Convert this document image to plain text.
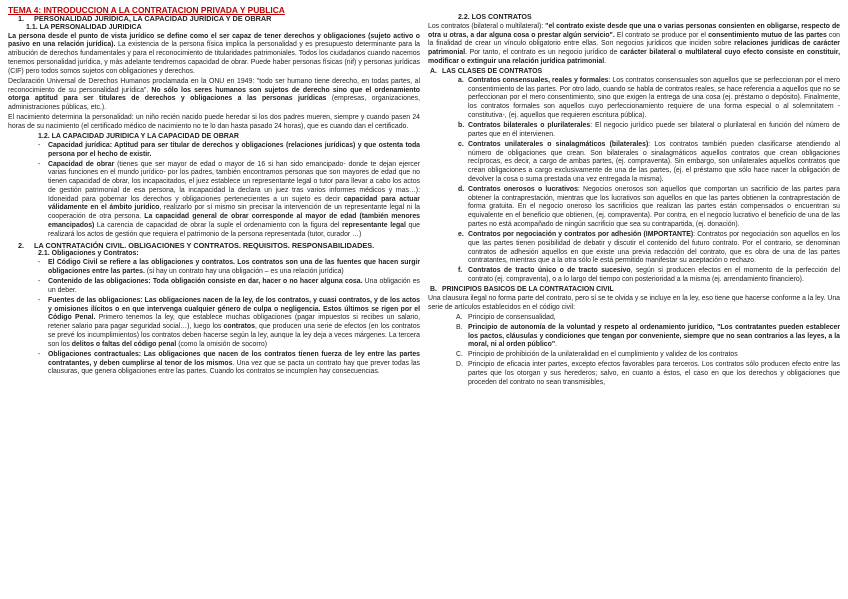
TEMA 4: INTRODUCCION A LA CONTRATACION PRIVADA Y PUBLICA
1. PERSONALIDAD JURÍDICA, LA CAPACIDAD JURÍDICA Y DE OBRAR
1.1. LA PERSONALIDAD JURIDICA

La persona desde el punto de vista jurídico se define como el ser capaz de tener derechos y obligaciones (sujeto activo o pasivo en una relación jurídica). La existencia de la persona física implica la personalidad y es presupuesto determinante para la atribución de derechos fundamentales y para el reconocimiento de titularidades patrimoniales. Todos los ciudadanos cuando nacemos tenemos personalidad jurídica, y más adelante tendremos capacidad de obrar. Puede haber personas físicas (nif) y personas jurídicas (CIF) pero todos somos sujetos con obligaciones y derechos.

Declaración Universal de Derechos Humanos proclamada en la ONU en 1949: "todo ser humano tiene derecho, en todas partes, al reconocimiento de su personalidad jurídica". No sólo los seres humanos son sujetos de derecho sino que el ordenamiento otorga aptitud para ser titulares de derechos y obligaciones a las personas jurídicas (empresas, organizaciones, administraciones públicas, etc.).

El nacimiento determina la personalidad: un niño recién nacido puede heredar si los dos padres mueren, siempre y cuando pasen 24 horas de su nacimiento (el certificado médico de nacimiento no te lo dan hasta pasado 24 horas), que es cuando dan el certificado.

1.2. LA CAPACIDAD JURIDICA Y LA CAPACIDAD DE OBRAR
- Capacidad jurídica: Aptitud para ser titular de derechos y obligaciones (relaciones jurídicas) y que ostenta toda persona por el hecho de existir.
- Capacidad de obrar (tienes que ser mayor de edad o mayor de 16 si han sido emancipado- donde te dejan ejercer varias funciones en el mundo jurídico- por los padres, también encontramos personas que son mayores de edad que no tienen capacidad de obrar, los incapacitados, el juez establece un representante legal o tutor para llevar a cabo los actos de gestión patrimonial de esa persona, la incapacidad la declara un juez tras varios informes médicos y mas…): Idoneidad para gobernar los derechos y obligaciones pertenecientes a un sujeto es decir capacidad para actuar válidamente en el ámbito jurídico, realizarlo por sí mismo sin precisar la intervención de un representante legal ni la cooperación de otra persona. La capacidad general de obrar corresponde al mayor de edad (también menores emancipados) La carencia de capacidad de obrar la suple el ordenamiento con la figura del representante legal que realizará los actos de gestión que requiera el patrimonio de la persona representada (tutor, curador …)
2. LA CONTRATACIÓN CIVIL. OBLIGACIONES Y CONTRATOS. REQUISITOS. RESPONSABILIDADES.
2.1. Obligaciones y Contratos:
- El Código Civil se refiere a las obligaciones y contratos. Los contratos son una de las fuentes que hacen surgir obligaciones entre las partes. (si hay un contrato hay una obligación – es una relación jurídica)
- Contenido de las obligaciones: Toda obligación consiste en dar, hacer o no hacer alguna cosa. Una obligación es un deber.
- Fuentes de las obligaciones: Las obligaciones nacen de la ley, de los contratos, y cuasi contratos, y de los actos y omisiones ilícitos o en que intervenga cualquier género de culpa o negligencia. Estos últimos se rigen por el Código Penal. Primero tenemos la ley, que establece muchas obligaciones (pagar impuestos si recibes un salario, retener salario para pagar seguridad social…), luego los contratos, que producen una serie de efectos (en los contratos se prevé los incumplimientos) los contratos deben hacerse según la ley, aunque la ley deja a veces márgenes. La tercera son los delitos o faltas del código penal (como la omisión de socorro)
- Obligaciones contractuales: Las obligaciones que nacen de los contratos tienen fuerza de ley entre las partes contratantes, y deben cumplirse al tenor de los mismos. Una vez que se pacta un contrato hay que prever todas las clausuras, que genera obligaciones entre las partes. Cuando los contratos se incumplen hay consecuencias.
2.2. LOS CONTRATOS

Los contratos (bilateral o multilateral): "el contrato existe desde que una o varias personas consienten en obligarse, respecto de otra u otras, a dar alguna cosa o prestar algún servicio". El contrato se produce por el consentimiento mutuo de las partes con la finalidad de crear un vínculo obligatorio entre ellas. Son negocios jurídicos que inciden sobre relaciones jurídicas de carácter patrimonial. Por tanto, el contrato es un negocio jurídico de carácter bilateral o multilateral cuyo efecto consiste en constituir, modificar o extinguir una relación jurídica patrimonial.

A. LAS CLASES DE CONTRATOS
a. Contratos consensuales, reales y formales: Los contratos consensuales son aquellos que se perfeccionan por el mero consentimiento de las partes. Por otro lado, cuando se habla de contratos reales, se hace referencia a aquellos que no se perfeccionan por el mero consentimiento, sino que exigen la entrega de una cosa (ej. préstamo o depósito). Finalmente, los contratos formales son aquellos cuyo perfeccionamiento requiere de una forma especial o al solemnitatem -constitutiva-, (ej. aquellos que requieren escritura pública).
b. Contratos bilaterales o plurilaterales: El negocio jurídico puede ser bilateral o plurilateral en función del número de partes que en él intervienen.
c. Contratos unilaterales o sinalagmáticos (bilaterales): Los contratos también pueden clasificarse atendiendo al número de obligaciones que crean. Son bilaterales o sinalagmáticos aquellos contratos que crean obligaciones recíprocas, es decir, a cargo de ambas partes, (ej. compraventa). Sin embargo, son unilaterales aquellos contratos que crean obligaciones a cargo exclusivamente de una de las partes, (ej. el préstamo que sólo hace nacer la obligación de devolver la cosa o suma prestada una vez entregada la misma).
d. Contratos onerosos o lucrativos: Negocios onerosos son aquellos que comportan un sacrificio de las partes para obtener la contraprestación, mientras que los lucrativos son aquellos en que las partes obtienen la contraprestación de forma gratuita. En el negocio oneroso los sacrificios que realizan las partes están compensados o encuentran su equivalente en el beneficio que obtienen, (ej. compraventa). Por contra, en el negocio lucrativo el beneficio de una de las partes no está acompañado de ningún sacrificio que sea su contrapartida, (ej. donación).
e. Contratos por negociación y contratos por adhesión (IMPORTANTE): Contratos por negociación son aquellos en los que las partes tienen posibilidad de debatir y discutir el contenido del futuro contrato. Por el contrario, se denominan contratos de adhesión aquellos en que existe una previa redacción del contrato, que es obra de una de las partes contratantes, mientras que a la otra sólo le está permitido manifestar su aceptación o rechazo.
f. Contratos de tracto único o de tracto sucesivo, según si producen efectos en el momento de la perfección del contrato (ej. compraventa), o a lo largo del tiempo con posterioridad a la misma (ej. arrendamiento financiero).
B. PRINCIPIOS BASICOS DE LA CONTRATACION CIVIL

Una clausura ilegal no forma parte del contrato, pero sí se te olvida y se incluye en la ley, eso tiene que hacerse conforme a la ley. Una serie de artículos establecidos en el código civil:

A. Principio de consensualidad,
B. Principio de autonomía de la voluntad y respeto al ordenamiento jurídico, "Los contratantes pueden establecer los pactos, cláusulas y condiciones que tengan por conveniente, siempre que no sean contrarios a las leyes, a la moral, ni al orden público".
C. Principio de prohibición de la unilateralidad en el cumplimiento y validez de los contratos
D. Principio de eficacia inter partes, excepto efectos favorables para terceros. Los contratos sólo producen efecto entre las partes que los otorgan y sus herederos; salvo, en cuanto a éstos, el caso en que los derechos y obligaciones que proceden del contrato no sean transmisibles,
